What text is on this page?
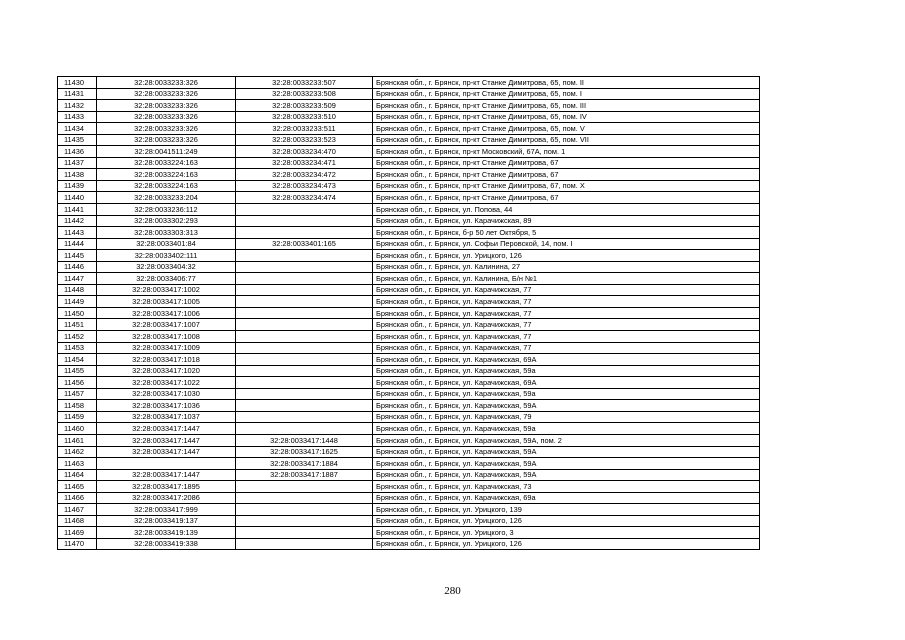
11430	32:28:0033233:326	32:28:0033233:507	Брянская обл., г. Брянск, пр-кт Станке Димитрова, 65, пом. II
11431	32:28:0033233:326	32:28:0033233:508	Брянская обл., г. Брянск, пр-кт Станке Димитрова, 65, пом. I
11432	32:28:0033233:326	32:28:0033233:509	Брянская обл., г. Брянск, пр-кт Станке Димитрова, 65, пом. III
11433	32:28:0033233:326	32:28:0033233:510	Брянская обл., г. Брянск, пр-кт Станке Димитрова, 65, пом. IV
11434	32:28:0033233:326	32:28:0033233:511	Брянская обл., г. Брянск, пр-кт Станке Димитрова, 65, пом. V
11435	32:28:0033233:326	32:28:0033233:523	Брянская обл., г. Брянск, пр-кт Станке Димитрова, 65, пом. VII
11436	32:28:0041511:249	32:28:0033234:470	Брянская обл., г. Брянск, пр-кт Московский, 67А, пом. 1
11437	32:28:0033224:163	32:28:0033234:471	Брянская обл., г. Брянск, пр-кт Станке Димитрова, 67
11438	32:28:0033224:163	32:28:0033234:472	Брянская обл., г. Брянск, пр-кт Станке Димитрова, 67
11439	32:28:0033224:163	32:28:0033234:473	Брянская обл., г. Брянск, пр-кт Станке Димитрова, 67, пом. X
11440	32:28:0033233:204	32:28:0033234:474	Брянская обл., г. Брянск, пр-кт Станке Димитрова, 67
11441	32:28:0033236:112		Брянская обл., г. Брянск, ул. Попова, 44
11442	32:28:0033302:293		Брянская обл., г. Брянск, ул. Карачижская, 89
11443	32:28:0033303:313		Брянская обл., г. Брянск, б-р 50 лет Октября, 5
11444	32:28:0033401:84	32:28:0033401:165	Брянская обл., г. Брянск, ул. Софьи Перовской, 14, пом. I
11445	32:28:0033402:111		Брянская обл., г. Брянск, ул. Урицкого, 126
11446	32:28:0033404:32		Брянская обл., г. Брянск, ул. Калинина, 27
11447	32:28:0033406:77		Брянская обл., г. Брянск, ул. Калинина, Б/н №1
11448	32:28:0033417:1002		Брянская обл., г. Брянск, ул. Карачижская, 77
11449	32:28:0033417:1005		Брянская обл., г. Брянск, ул. Карачижская, 77
11450	32:28:0033417:1006		Брянская обл., г. Брянск, ул. Карачижская, 77
11451	32:28:0033417:1007		Брянская обл., г. Брянск, ул. Карачижская, 77
11452	32:28:0033417:1008		Брянская обл., г. Брянск, ул. Карачижская, 77
11453	32:28:0033417:1009		Брянская обл., г. Брянск, ул. Карачижская, 77
11454	32:28:0033417:1018		Брянская обл., г. Брянск, ул. Карачижская, 69А
11455	32:28:0033417:1020		Брянская обл., г. Брянск, ул. Карачижская, 59а
11456	32:28:0033417:1022		Брянская обл., г. Брянск, ул. Карачижская, 69А
11457	32:28:0033417:1030		Брянская обл., г. Брянск, ул. Карачижская, 59а
11458	32:28:0033417:1036		Брянская обл., г. Брянск, ул. Карачижская, 59А
11459	32:28:0033417:1037		Брянская обл., г. Брянск, ул. Карачижская, 79
11460	32:28:0033417:1447		Брянская обл., г. Брянск, ул. Карачижская, 59а
11461	32:28:0033417:1447	32:28:0033417:1448	Брянская обл., г. Брянск, ул. Карачижская, 59А, пом. 2
11462	32:28:0033417:1447	32:28:0033417:1625	Брянская обл., г. Брянск, ул. Карачижская, 59А
11463		32:28:0033417:1884	Брянская обл., г. Брянск, ул. Карачижская, 59А
11464	32:28:0033417:1447	32:28:0033417:1887	Брянская обл., г. Брянск, ул. Карачижская, 59А
11465	32:28:0033417:1895		Брянская обл., г. Брянск, ул. Карачижская, 73
11466	32:28:0033417:2086		Брянская обл., г. Брянск, ул. Карачижская, 69а
11467	32:28:0033417:999		Брянская обл., г. Брянск, ул. Урицкого, 139
11468	32:28:0033419:137		Брянская обл., г. Брянск, ул. Урицкого, 126
11469	32:28:0033419:139		Брянская обл., г. Брянск, ул. Урицкого, 3
11470	32:28:0033419:338		Брянская обл., г. Брянск, ул. Урицкого, 126
280
